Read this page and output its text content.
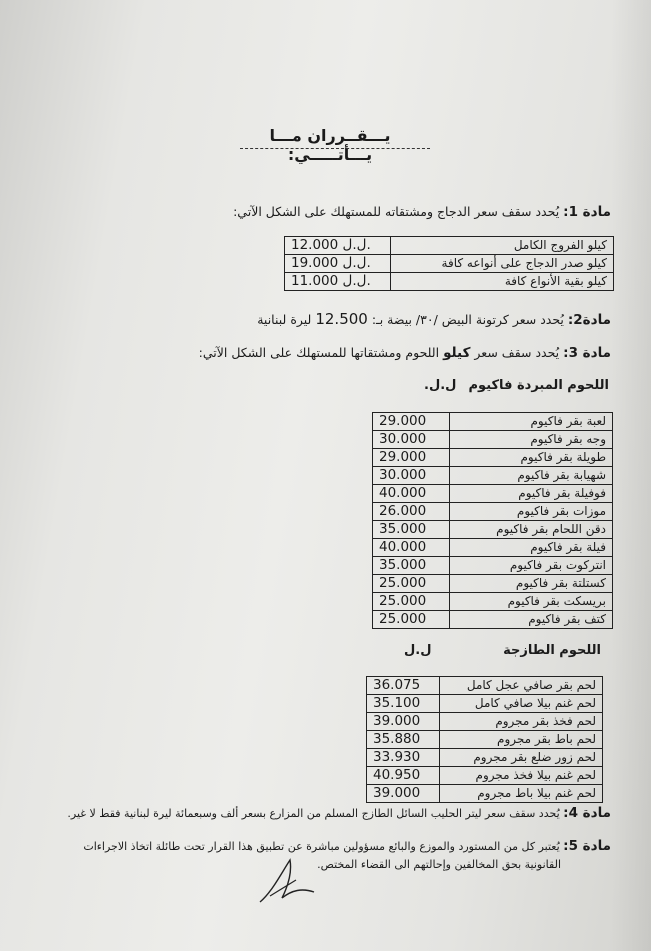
يـــقــرران مـــا يـــأتـــــي:
مادة 1: يُحدد سقف سعر الدجاج ومشتقاته للمستهلك على الشكل الآتي:
كيلو الفروج الكامل	12.000 ل.ل.
كيلو صدر الدجاج على أنواعه كافة	19.000 ل.ل.
كيلو بقية الأنواع كافة	11.000 ل.ل.
مادة2: يُحدد سعر كرتونة البيض /٣٠/ بيضة بـ: 12.500 ليرة لبنانية
مادة 3: يُحدد سقف سعر كيلو اللحوم ومشتقاتها للمستهلك على الشكل الآتي:
اللحوم المبردة فاكيوم
ل.ل.
لعبة بقر فاكيوم	29.000
وجه بقر فاكيوم	30.000
طويلة بقر فاكيوم	29.000
شهيابة بقر فاكيوم	30.000
فوفيلة بقر فاكيوم	40.000
موزات بقر فاكيوم	26.000
دقن اللحام بقر فاكيوم	35.000
فيلة بقر فاكيوم	40.000
انتركوت بقر فاكيوم	35.000
كستلتة بقر فاكيوم	25.000
بريسكت بقر فاكيوم	25.000
كتف بقر فاكيوم	25.000
اللحوم الطازجة
ل.ل
لحم بقر صافي عجل كامل	36.075
لحم غنم بيلا صافي كامل	35.100
لحم فخذ بقر مجروم	39.000
لحم باط بقر مجروم	35.880
لحم زور ضلع بقر مجروم	33.930
لحم غنم بيلا فخذ مجروم	40.950
لحم غنم بيلا باط مجروم	39.000
مادة 4: يُحدد سقف سعر ليتر الحليب السائل الطازج المسلم من المزارع بسعر ألف وسبعمائة ليرة لبنانية فقط لا غير.
مادة 5: يُعتبر كل من المستورد والموزع والبائع مسؤولين مباشرة عن تطبيق هذا القرار تحت طائلة اتخاذ الاجراءات
القانونية بحق المخالفين وإحالتهم الى القضاء المختص.
